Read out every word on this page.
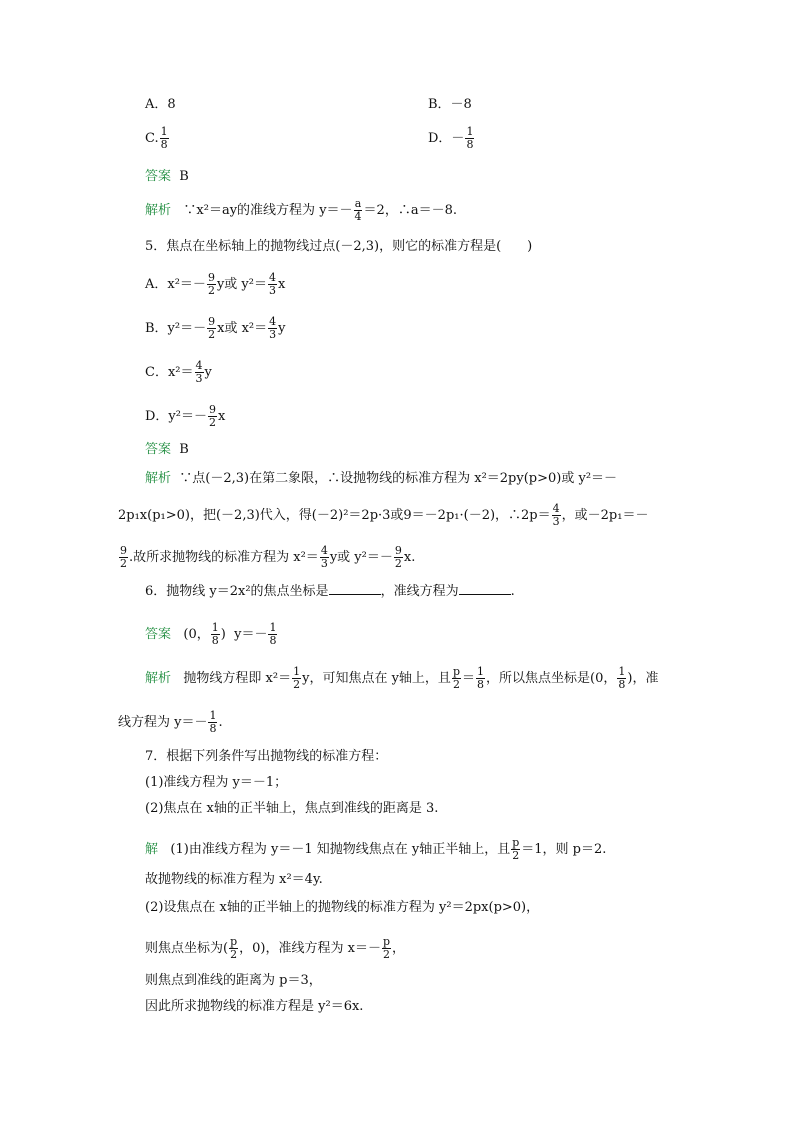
A．8	B．－8
C. $\frac{1}{8}$	D．－ $\frac{1}{8}$
答案 B
解析 ∵x²＝ay的准线方程为 $y=- \frac{a}{4} =2$，∴a＝－8.
5．焦点在坐标轴上的抛物线过点(－2,3)，则它的标准方程是(　　)
A．$x^2=- \frac{9}{2}$ y或 $y^2= \frac{4}{3}$ x
B．$y^2=- \frac{9}{2}$ x或 $x^2= \frac{4}{3}$ y
C．$x^2= \frac{4}{3}$ y
D．$y^2=- \frac{9}{2}$ x
答案 B
解析 ∵点(－2,3)在第二象限，∴设抛物线的标准方程为 x²＝2py(p>0)或 y²＝－
2p₁x(p₁>0)，把(－2,3)代入，得(－2)²＝2p·3或9＝－2p₁·(－2)，∴2p＝ $\frac{4}{3}$ ，或－2p₁＝－
$\frac{9}{2}$ .故所求抛物线的标准方程为 $x^2= \frac{4}{3}$ y或 $y^2=- \frac{9}{2} x$.
6．抛物线 y＝2x²的焦点坐标是	，准线方程为	.
答案 (0， $\frac{1}{8}$ ) $y=- \frac{1}{8}$
解析 抛物线方程即 $x^2= \frac{1}{2}$ y，可知焦点在 y轴上，且 $\frac{p}{2} = \frac{1}{8}$ ，所以焦点坐标是(0， $\frac{1}{8}$ )，准
线方程为 $y=- \frac{1}{8}$ .
7．根据下列条件写出抛物线的标准方程：
(1)准线方程为 y＝－1；
(2)焦点在 x轴的正半轴上，焦点到准线的距离是 3.
解 (1)由准线方程为 y＝－1 知抛物线焦点在 y轴正半轴上，且 $\frac{p}{2} =1$，则 p＝2.
故抛物线的标准方程为 x²＝4y.
(2)设焦点在 x轴的正半轴上的抛物线的标准方程为 y²＝2px(p>0)，
则焦点坐标为( $\frac{p}{2}$ ，0)，准线方程为 $x=- \frac{p}{2}$ ，
则焦点到准线的距离为 p＝3，
因此所求抛物线的标准方程是 y²＝6x.
